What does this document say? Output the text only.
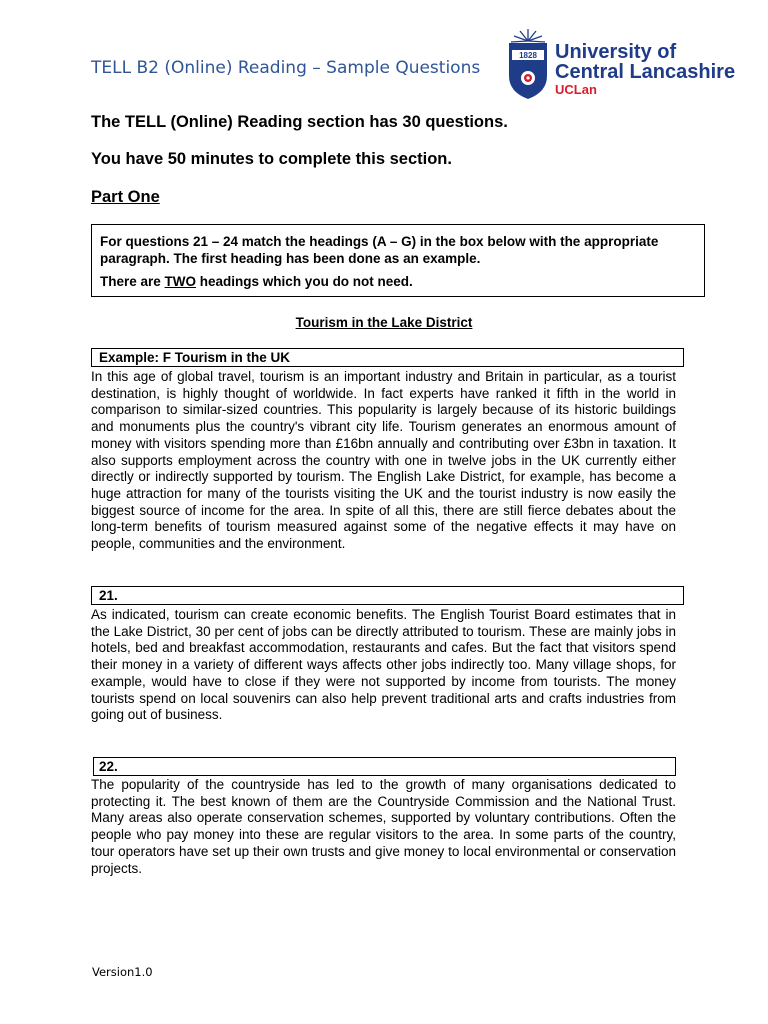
TELL B2 (Online) Reading – Sample Questions
1828 University of
Central Lancashire
UCLan
The TELL (Online) Reading section has 30 questions.
You have 50 minutes to complete this section.
Part One

For questions 21 – 24 match the headings (A – G) in the box below with the appropriate paragraph. The first heading has been done as an example.

There are TWO headings which you do not need.

Tourism in the Lake District
Example: F Tourism in the UK

In this age of global travel, tourism is an important industry and Britain in particular, as a tourist destination, is highly thought of worldwide. In fact experts have ranked it fifth in the world in comparison to similar-sized countries. This popularity is largely because of its historic buildings and monuments plus the country's vibrant city life. Tourism generates an enormous amount of money with visitors spending more than £16bn annually and contributing over £3bn in taxation. It also supports employment across the country with one in twelve jobs in the UK currently either directly or indirectly supported by tourism. The English Lake District, for example, has become a huge attraction for many of the tourists visiting the UK and the tourist industry is now easily the biggest source of income for the area. In spite of all this, there are still fierce debates about the long-term benefits of tourism measured against some of the negative effects it may have on people, communities and the environment.

21.

As indicated, tourism can create economic benefits. The English Tourist Board estimates that in the Lake District, 30 per cent of jobs can be directly attributed to tourism. These are mainly jobs in hotels, bed and breakfast accommodation, restaurants and cafes. But the fact that visitors spend their money in a variety of different ways affects other jobs indirectly too. Many village shops, for example, would have to close if they were not supported by income from tourists. The money tourists spend on local souvenirs can also help prevent traditional arts and crafts industries from going out of business.

22.

The popularity of the countryside has led to the growth of many organisations dedicated to protecting it. The best known of them are the Countryside Commission and the National Trust. Many areas also operate conservation schemes, supported by voluntary contributions. Often the people who pay money into these are regular visitors to the area. In some parts of the country, tour operators have set up their own trusts and give money to local environmental or conservation projects.

Version1.0
